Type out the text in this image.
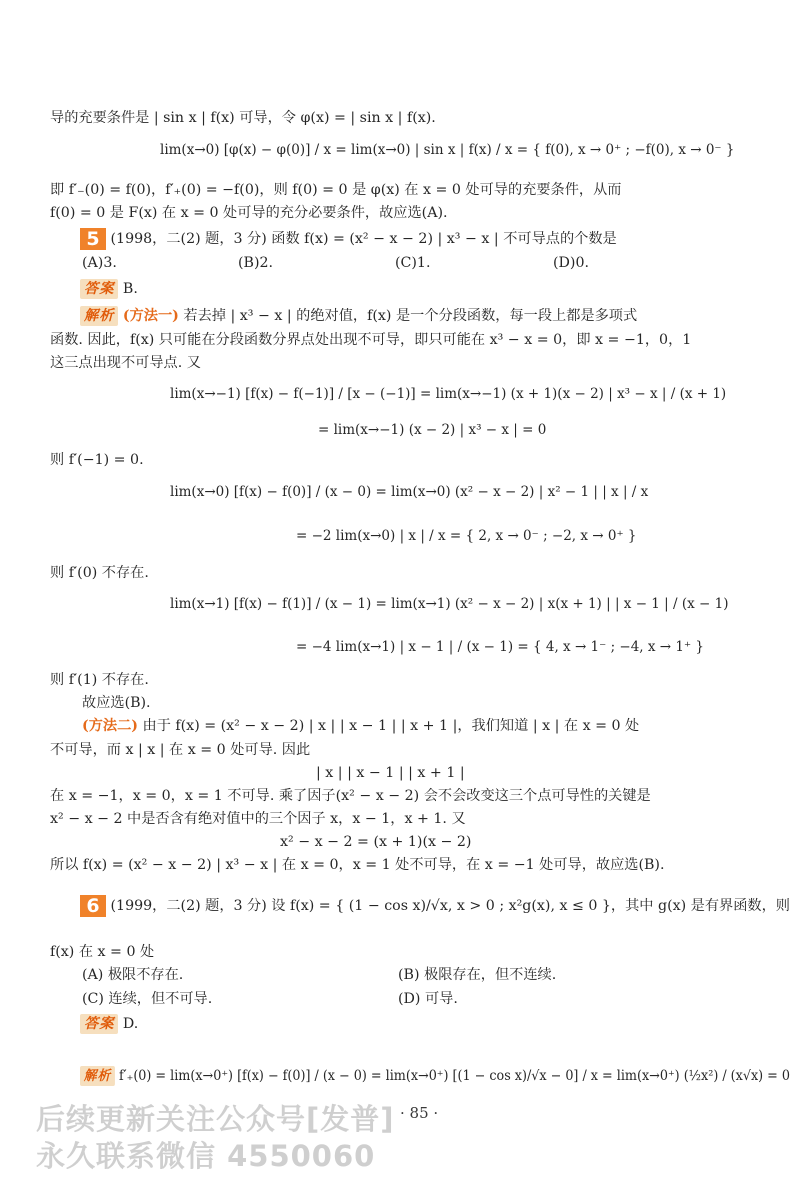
导的充要条件是 | sin x | f(x) 可导，令 φ(x) = | sin x | f(x).
lim(x→0) [φ(x) − φ(0)] / x = lim(x→0) | sin x | f(x) / x = { f(0), x → 0⁺ ; −f(0), x → 0⁻ }
即 f′₋(0) = f(0)，f′₊(0) = −f(0)，则 f(0) = 0 是 φ(x) 在 x = 0 处可导的充要条件，从而
f(0) = 0 是 F(x) 在 x = 0 处可导的充分必要条件，故应选(A).
5 (1998，二(2) 题，3 分) 函数 f(x) = (x² − x − 2) | x³ − x | 不可导点的个数是
(A)3.	(B)2.	(C)1.	(D)0.
答案 B.
解析 (方法一) 若去掉 | x³ − x | 的绝对值，f(x) 是一个分段函数，每一段上都是多项式
函数. 因此，f(x) 只可能在分段函数分界点处出现不可导，即只可能在 x³ − x = 0，即 x = −1，0，1
这三点出现不可导点. 又
lim(x→−1) [f(x) − f(−1)] / [x − (−1)] = lim(x→−1) (x + 1)(x − 2) | x³ − x | / (x + 1)
= lim(x→−1) (x − 2) | x³ − x | = 0
则 f′(−1) = 0.
lim(x→0) [f(x) − f(0)] / (x − 0) = lim(x→0) (x² − x − 2) | x² − 1 | | x | / x
= −2 lim(x→0) | x | / x = { 2, x → 0⁻ ; −2, x → 0⁺ }
则 f′(0) 不存在.
lim(x→1) [f(x) − f(1)] / (x − 1) = lim(x→1) (x² − x − 2) | x(x + 1) | | x − 1 | / (x − 1)
= −4 lim(x→1) | x − 1 | / (x − 1) = { 4, x → 1⁻ ; −4, x → 1⁺ }
则 f′(1) 不存在.
故应选(B).
(方法二) 由于 f(x) = (x² − x − 2) | x | | x − 1 | | x + 1 |，我们知道 | x | 在 x = 0 处
不可导，而 x | x | 在 x = 0 处可导. 因此
| x | | x − 1 | | x + 1 |
在 x = −1，x = 0，x = 1 不可导. 乘了因子(x² − x − 2) 会不会改变这三个点可导性的关键是
x² − x − 2 中是否含有绝对值中的三个因子 x，x − 1，x + 1. 又
x² − x − 2 = (x + 1)(x − 2)
所以 f(x) = (x² − x − 2) | x³ − x | 在 x = 0，x = 1 处不可导，在 x = −1 处可导，故应选(B).
6 (1999，二(2) 题，3 分) 设 f(x) = { (1 − cos x)/√x, x > 0 ; x²g(x), x ≤ 0 }，其中 g(x) 是有界函数，则
f(x) 在 x = 0 处
(A) 极限不存在.	(B) 极限存在，但不连续.
(C) 连续，但不可导.	(D) 可导.
答案 D.
解析 f′₊(0) = lim(x→0⁺) [f(x) − f(0)] / (x − 0) = lim(x→0⁺) [(1 − cos x)/√x − 0] / x = lim(x→0⁺) (½x²) / (x√x) = 0
· 85 ·
后续更新关注公众号[发普]
永久联系微信 4550060
